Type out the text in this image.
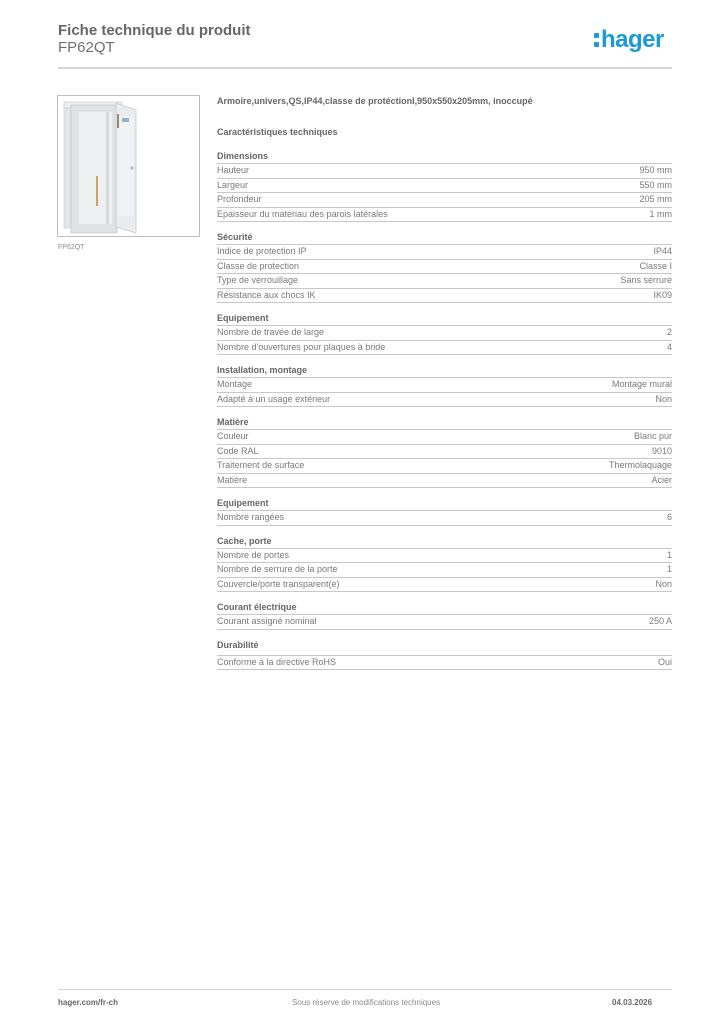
Fiche technique du produit
FP62QT	hager
FP62QT
Armoire,univers,QS,IP44,classe de protéctionI,950x550x205mm, inoccupé
Caractéristiques techniques
Dimensions
Hauteur	950 mm
Largeur	550 mm
Profondeur	205 mm
Epaisseur du matériau des parois latérales	1 mm
Sécurité
Indice de protection IP	IP44
Classe de protection	Classe I
Type de verrouillage	Sans serrure
Résistance aux chocs IK	IK09
Equipement
Nombre de travée de large	2
Nombre d'ouvertures pour plaques à bride	4
Installation, montage
Montage	Montage mural
Adapté à un usage extérieur	Non
Matière
Couleur	Blanc pur
Code RAL	9010
Traitement de surface	Thermolaquage
Matière	Acier
Equipement
Nombre rangées	6
Cache, porte
Nombre de portes	1
Nombre de serrure de la porte	1
Couvercle/porte transparent(e)	Non
Courant électrique
Courant assigné nominal	250 A
Durabilité
Conforme à la directive RoHS	Oui
hager.com/fr-ch	Sous réserve de modifications techniques	04.03.2026
